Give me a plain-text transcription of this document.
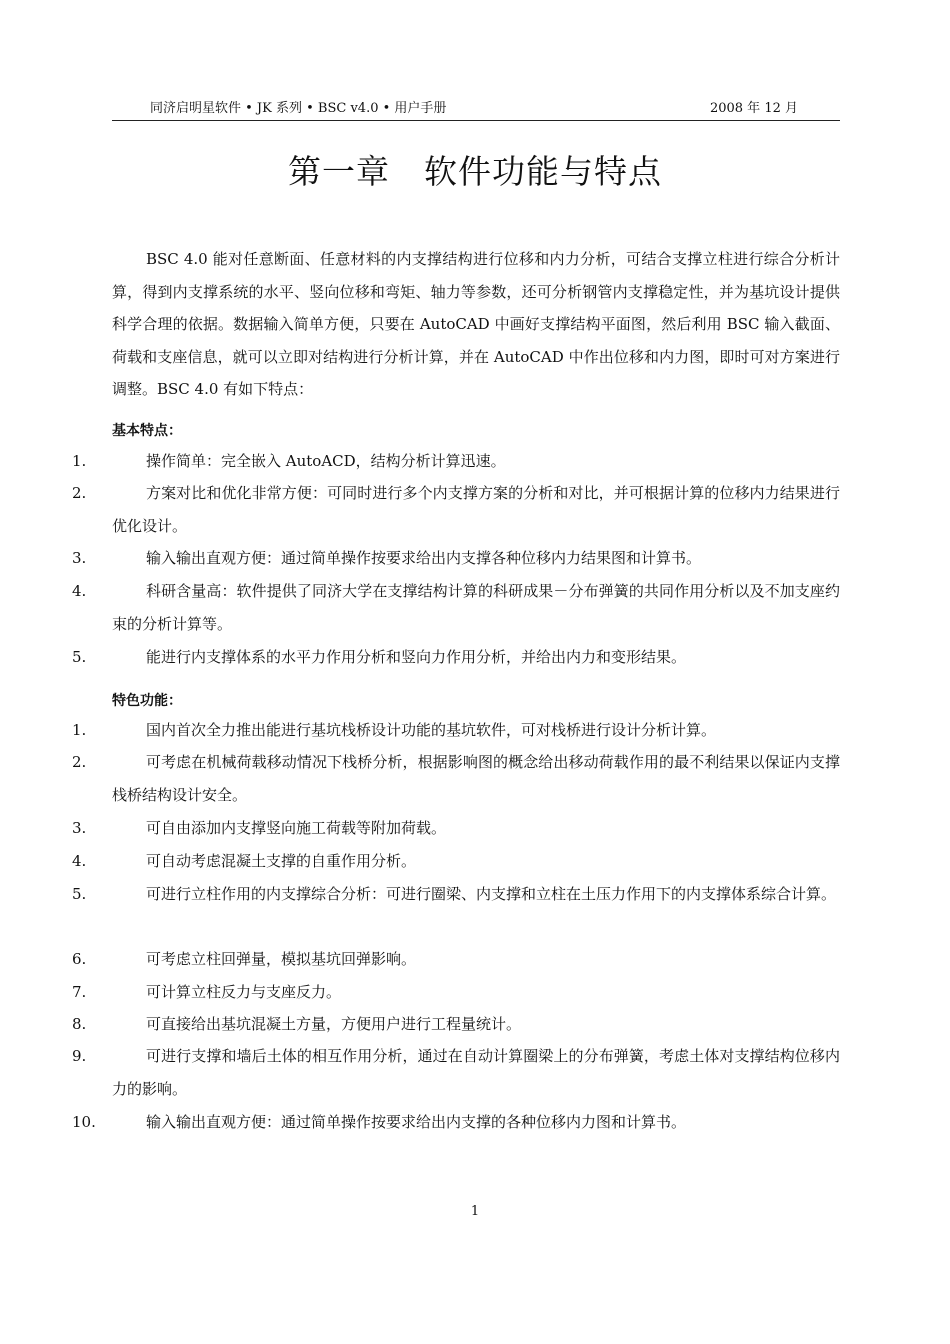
同济启明星软件 • JK 系列 • BSC v4.0 • 用户手册	2008 年 12 月
第一章　软件功能与特点
BSC 4.0 能对任意断面、任意材料的内支撑结构进行位移和内力分析，可结合支撑立柱进行综合分析计算，得到内支撑系统的水平、竖向位移和弯矩、轴力等参数，还可分析钢管内支撑稳定性，并为基坑设计提供科学合理的依据。数据输入简单方便，只要在 AutoCAD 中画好支撑结构平面图，然后利用 BSC 输入截面、荷载和支座信息，就可以立即对结构进行分析计算，并在 AutoCAD 中作出位移和内力图，即时可对方案进行调整。BSC 4.0 有如下特点：
基本特点：
1.	操作简单：完全嵌入 AutoACD，结构分析计算迅速。
2.	方案对比和优化非常方便：可同时进行多个内支撑方案的分析和对比，并可根据计算的位移内力结果进行优化设计。
3.	输入输出直观方便：通过简单操作按要求给出内支撑各种位移内力结果图和计算书。
4.	科研含量高：软件提供了同济大学在支撑结构计算的科研成果－分布弹簧的共同作用分析以及不加支座约束的分析计算等。
5.	能进行内支撑体系的水平力作用分析和竖向力作用分析，并给出内力和变形结果。
特色功能：
1.	国内首次全力推出能进行基坑栈桥设计功能的基坑软件，可对栈桥进行设计分析计算。
2.	可考虑在机械荷载移动情况下栈桥分析，根据影响图的概念给出移动荷载作用的最不利结果以保证内支撑栈桥结构设计安全。
3.	可自由添加内支撑竖向施工荷载等附加荷载。
4.	可自动考虑混凝土支撑的自重作用分析。
5.	可进行立柱作用的内支撑综合分析：可进行圈梁、内支撑和立柱在土压力作用下的内支撑体系综合计算。
6.	可考虑立柱回弹量，模拟基坑回弹影响。
7.	可计算立柱反力与支座反力。
8.	可直接给出基坑混凝土方量，方便用户进行工程量统计。
9.	可进行支撑和墙后土体的相互作用分析，通过在自动计算圈梁上的分布弹簧，考虑土体对支撑结构位移内力的影响。
10.	输入输出直观方便：通过简单操作按要求给出内支撑的各种位移内力图和计算书。
1
